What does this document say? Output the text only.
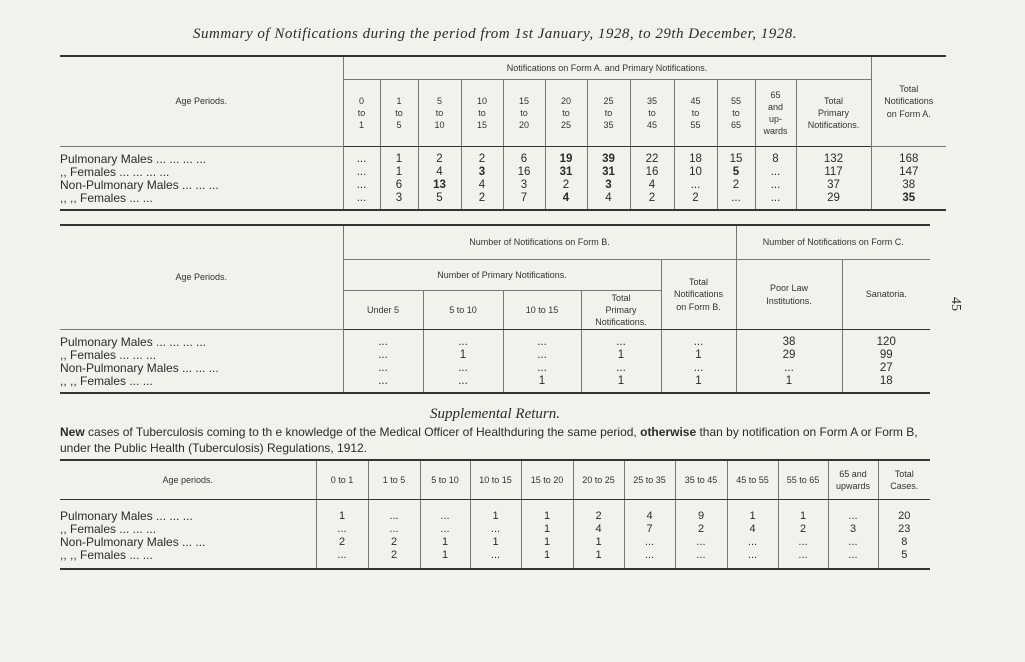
Summary of Notifications during the period from 1st January, 1928, to 29th December, 1928.
45
Age Periods.	Notifications on Form A. and Primary Notifications.												Total
Notifications
on Form A.
	0
to
1	1
to
5	5
to
10	10
to
15	15
to
20	20
to
25	25
to
35	35
to
45	45
to
55	55
to
65	65
and
up-
wards	Total
Primary
Notifications.	
Pulmonary Males ... ... ... ...	...	1	2	2	6	19	39	22	18	15	8	132	168
,, Females ... ... ... ...	...	1	4	3	16	31	31	16	10	5	...	117	147
Non-Pulmonary Males ... ... ...	...	6	13	4	3	2	3	4	...	2	...	37	38
,, ,, Females ... ...	...	3	5	2	7	4	4	2	2	...	...	29	35
Age Periods.	Number of Notifications on Form B.					Number of Notifications on Form C.	
	Number of Primary Notifications.				Total
Notifications
on Form B.	Poor Law
Institutions.	Sanatoria.
	Under 5	5 to 10	10 to 15	Total
Primary
Notifications.			
Pulmonary Males ... ... ... ...	...	...	...	...	...	38	120
,, Females ... ... ...	...	1	...	1	1	29	99
Non-Pulmonary Males ... ... ...	...	...	...	...	...	...	27
,, ,, Females ... ...	...	...	1	1	1	1	18
Supplemental Return.
New cases of Tuberculosis coming to th e knowledge of the Medical Officer of Healthduring the same period, otherwise than by notification on Form A or Form B, under the Public Health (Tuberculosis) Regulations, 1912.
Age periods.	0 to 1	1 to 5	5 to 10	10 to 15	15 to 20	20 to 25	25 to 35	35 to 45	45 to 55	55 to 65	65 and
upwards	Total
Cases.
Pulmonary Males ... ... ...	1	...	...	1	1	2	4	9	1	1	...	20
,, Females ... ... ...	...	...	...	...	1	4	7	2	4	2	3	23
Non-Pulmonary Males ... ...	2	2	1	1	1	1	...	...	...	...	...	8
,, ,, Females ... ...	...	2	1	...	1	1	...	...	...	...	...	5
